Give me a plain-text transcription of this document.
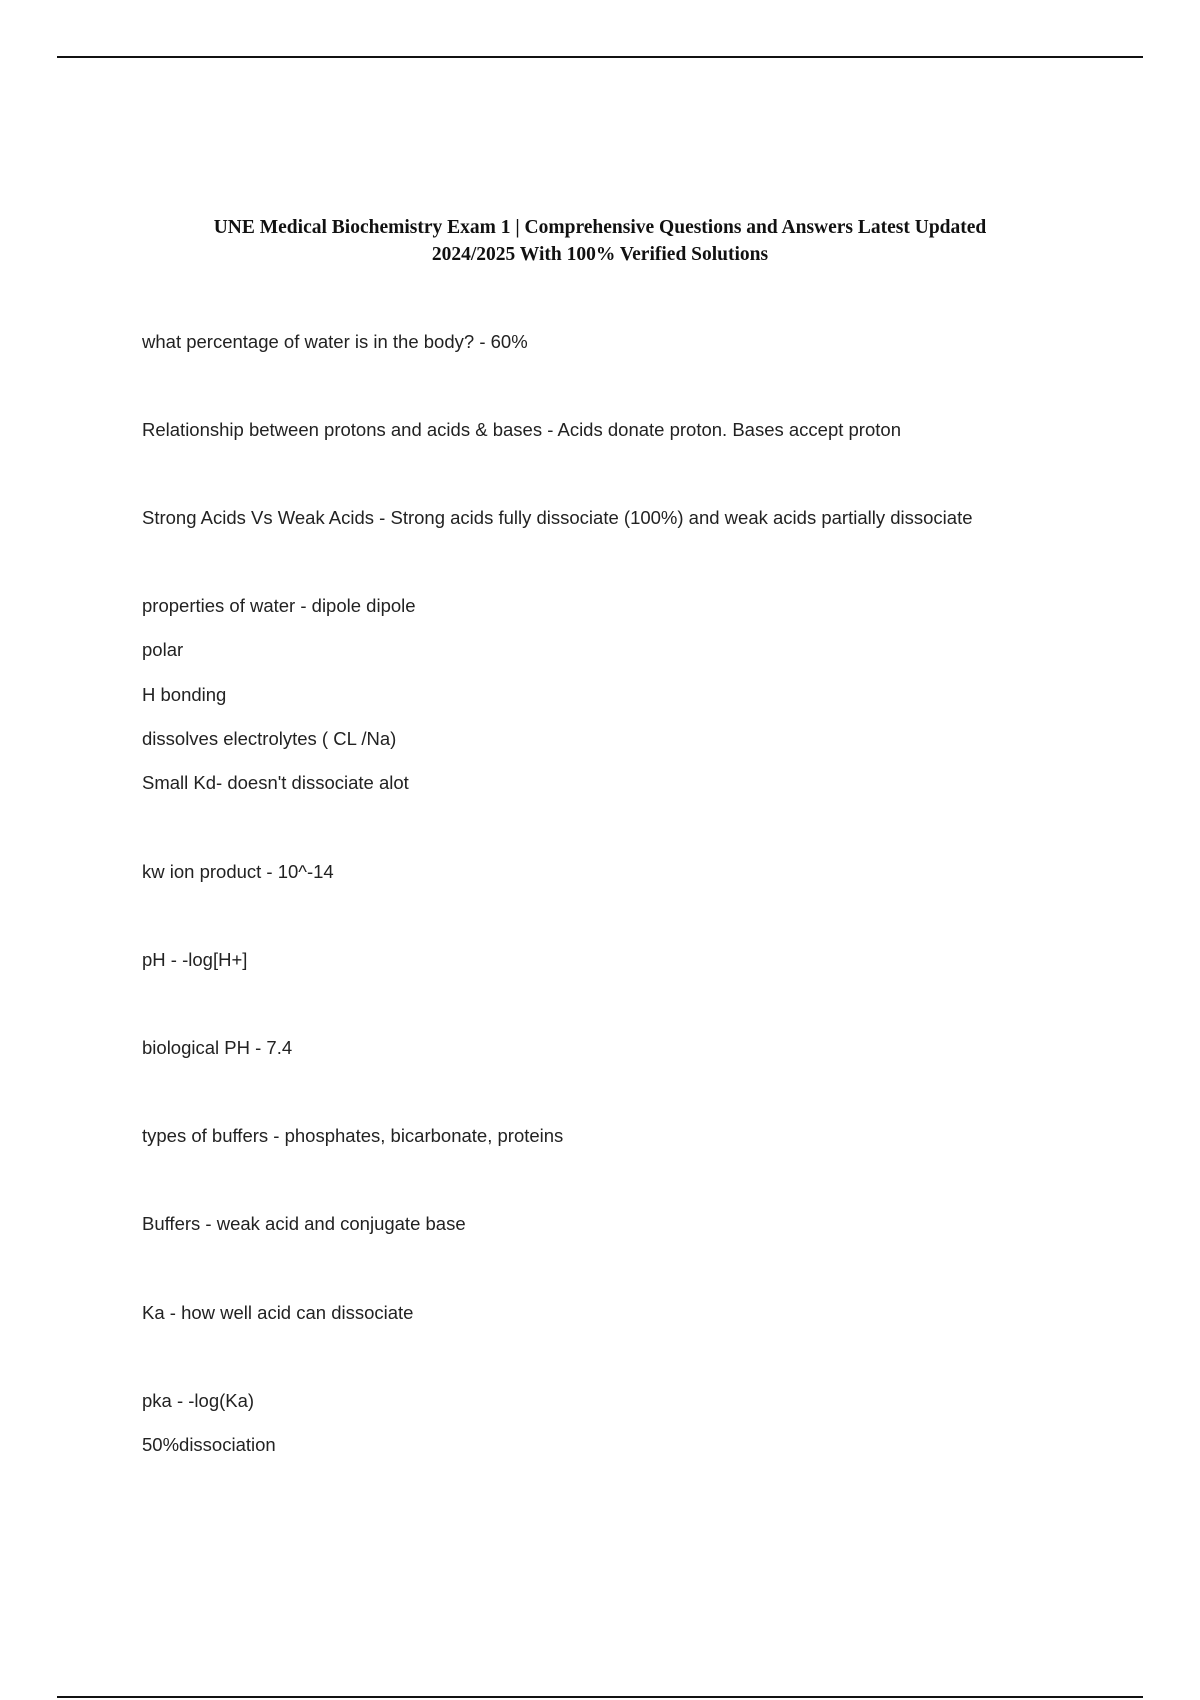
UNE Medical Biochemistry Exam 1 | Comprehensive Questions and Answers Latest Updated
2024/2025 With 100% Verified Solutions
what percentage of water is in the body? - 60%
Relationship between protons and acids & bases - Acids donate proton. Bases accept proton
Strong Acids Vs Weak Acids - Strong acids fully dissociate (100%) and weak acids partially dissociate
properties of water - dipole dipole
polar
H bonding
dissolves electrolytes ( CL /Na)
Small Kd- doesn't dissociate alot
kw ion product - 10^-14
pH - -log[H+]
biological PH - 7.4
types of buffers - phosphates, bicarbonate, proteins
Buffers - weak acid and conjugate base
Ka - how well acid can dissociate
pka - -log(Ka)
50%dissociation
